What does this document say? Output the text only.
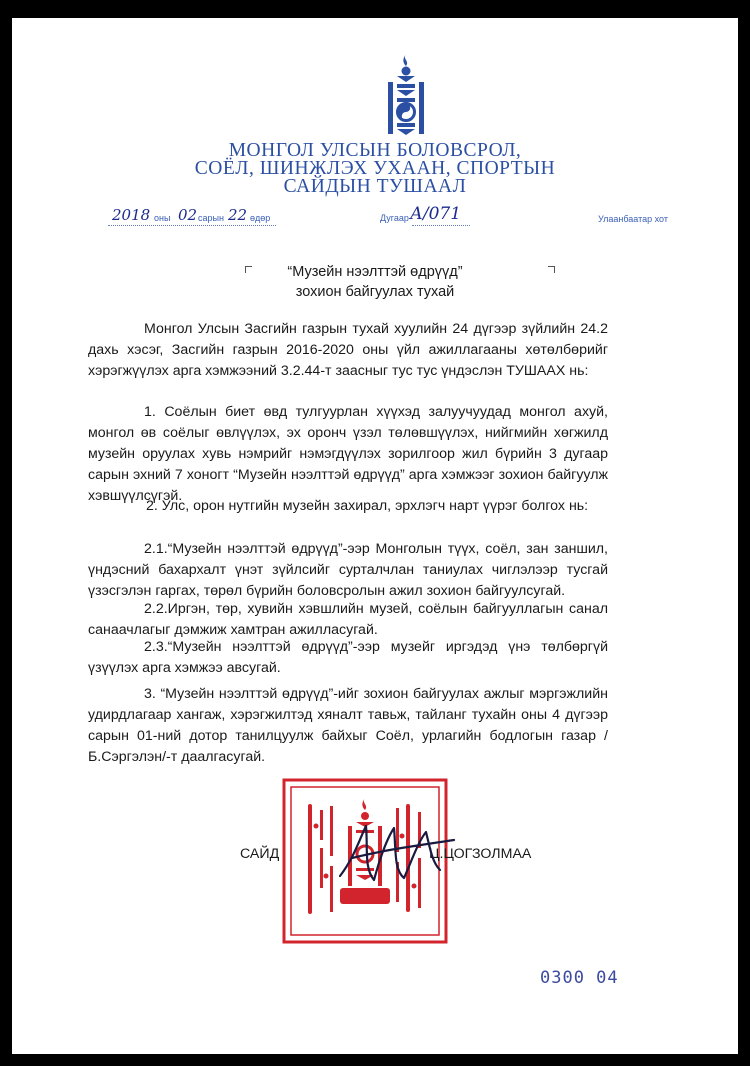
МОНГОЛ УЛСЫН БОЛОВСРОЛ,
СОЁЛ, ШИНЖЛЭХ УХААН, СПОРТЫН
САЙДЫН ТУШААЛ
2018 оны 02 сарын 22 өдөр	Дугаар А/071	Улаанбаатар хот
“Музейн нээлттэй өдрүүд”
зохион байгуулах тухай
Монгол Улсын Засгийн газрын тухай хуулийн 24 дүгээр зүйлийн 24.2 дахь хэсэг, Засгийн газрын 2016-2020 оны үйл ажиллагааны хөтөлбөрийг хэрэгжүүлэх арга хэмжээний 3.2.44-т заасныг тус тус үндэслэн ТУШААХ нь:
1. Соёлын биет өвд тулгуурлан хүүхэд залуучуудад монгол ахуй, монгол өв соёлыг өвлүүлэх, эх оронч үзэл төлөвшүүлэх, нийгмийн хөгжилд музейн оруулах хувь нэмрийг нэмэгдүүлэх зорилгоор жил бүрийн 3 дугаар сарын эхний 7 хоногт “Музейн нээлттэй өдрүүд” арга хэмжээг зохион байгуулж хэвшүүлсүгэй.
2. Улс, орон нутгийн музейн захирал, эрхлэгч нарт үүрэг болгох нь:
2.1.“Музейн нээлттэй өдрүүд”-ээр Монголын түүх, соёл, зан заншил, үндэсний бахархалт үнэт зүйлсийг сурталчлан таниулах чиглэлээр тусгай үзэсгэлэн гаргах, төрөл бүрийн боловсролын ажил зохион байгуулсугай.
2.2.Иргэн, төр, хувийн хэвшлийн музей, соёлын байгууллагын санал санаачлагыг дэмжиж хамтран ажилласугай.
2.3.“Музейн нээлттэй өдрүүд”-ээр музейг иргэдэд үнэ төлбөргүй үзүүлэх арга хэмжээ авсугай.
3. “Музейн нээлттэй өдрүүд”-ийг зохион байгуулах ажлыг мэргэжлийн удирдлагаар хангаж, хэрэгжилтэд хяналт тавьж, тайланг тухайн оны 4 дүгээр сарын 01-ний дотор танилцуулж байхыг Соёл, урлагийн бодлогын газар /Б.Сэргэлэн/-т даалгасугай.
САЙД	Ц.ЦОГЗОЛМАА
0300 04
